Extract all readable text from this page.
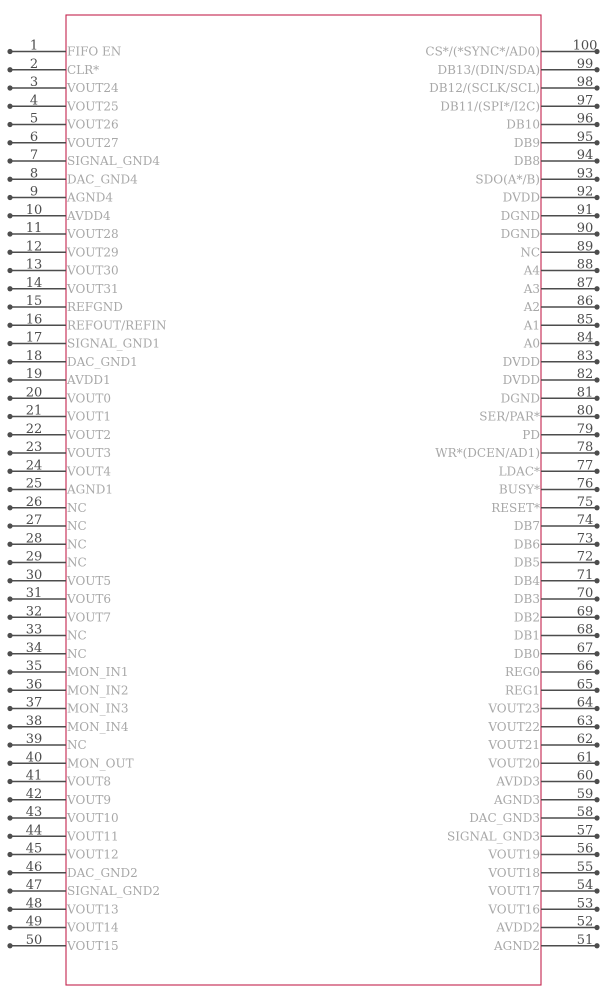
1 FIFO EN
2 CLR*
3 VOUT24
4 VOUT25
5 VOUT26
6 VOUT27
7 SIGNAL_GND4
8 DAC_GND4
9 AGND4
10 AVDD4
11 VOUT28
12 VOUT29
13 VOUT30
14 VOUT31
15 REFGND
16 REFOUT/REFIN
17 SIGNAL_GND1
18 DAC_GND1
19 AVDD1
20 VOUT0
21 VOUT1
22 VOUT2
23 VOUT3
24 VOUT4
25 AGND1
26 NC
27 NC
28 NC
29 NC
30 VOUT5
31 VOUT6
32 VOUT7
33 NC
34 NC
35 MON_IN1
36 MON_IN2
37 MON_IN3
38 MON_IN4
39 NC
40 MON_OUT
41 VOUT8
42 VOUT9
43 VOUT10
44 VOUT11
45 VOUT12
46 DAC_GND2
47 SIGNAL_GND2
48 VOUT13
49 VOUT14
50 VOUT15
100
CS*/(*SYNC*/AD0)
99
DB13/(DIN/SDA)
98
DB12/(SCLK/SCL)
97
DB11/(SPI*/I2C)
96
DB10
95
DB9
94
DB8
93
SDO(A*/B)
92
DVDD
91
DGND
90
DGND
89
NC
88
A4
87
A3
86
A2
85
A1
84
A0
83
DVDD
82
DVDD
81
DGND
80
SER/PAR*
79
PD
78
WR*(DCEN/AD1)
77
LDAC*
76
BUSY*
75
RESET*
74
DB7
73
DB6
72
DB5
71
DB4
70
DB3
69
DB2
68
DB1
67
DB0
66
REG0
65
REG1
64
VOUT23
63
VOUT22
62
VOUT21
61
VOUT20
60
AVDD3
59
AGND3
58
DAC_GND3
57
SIGNAL_GND3
56
VOUT19
55
VOUT18
54
VOUT17
53
VOUT16
52
AVDD2
51
AGND2
